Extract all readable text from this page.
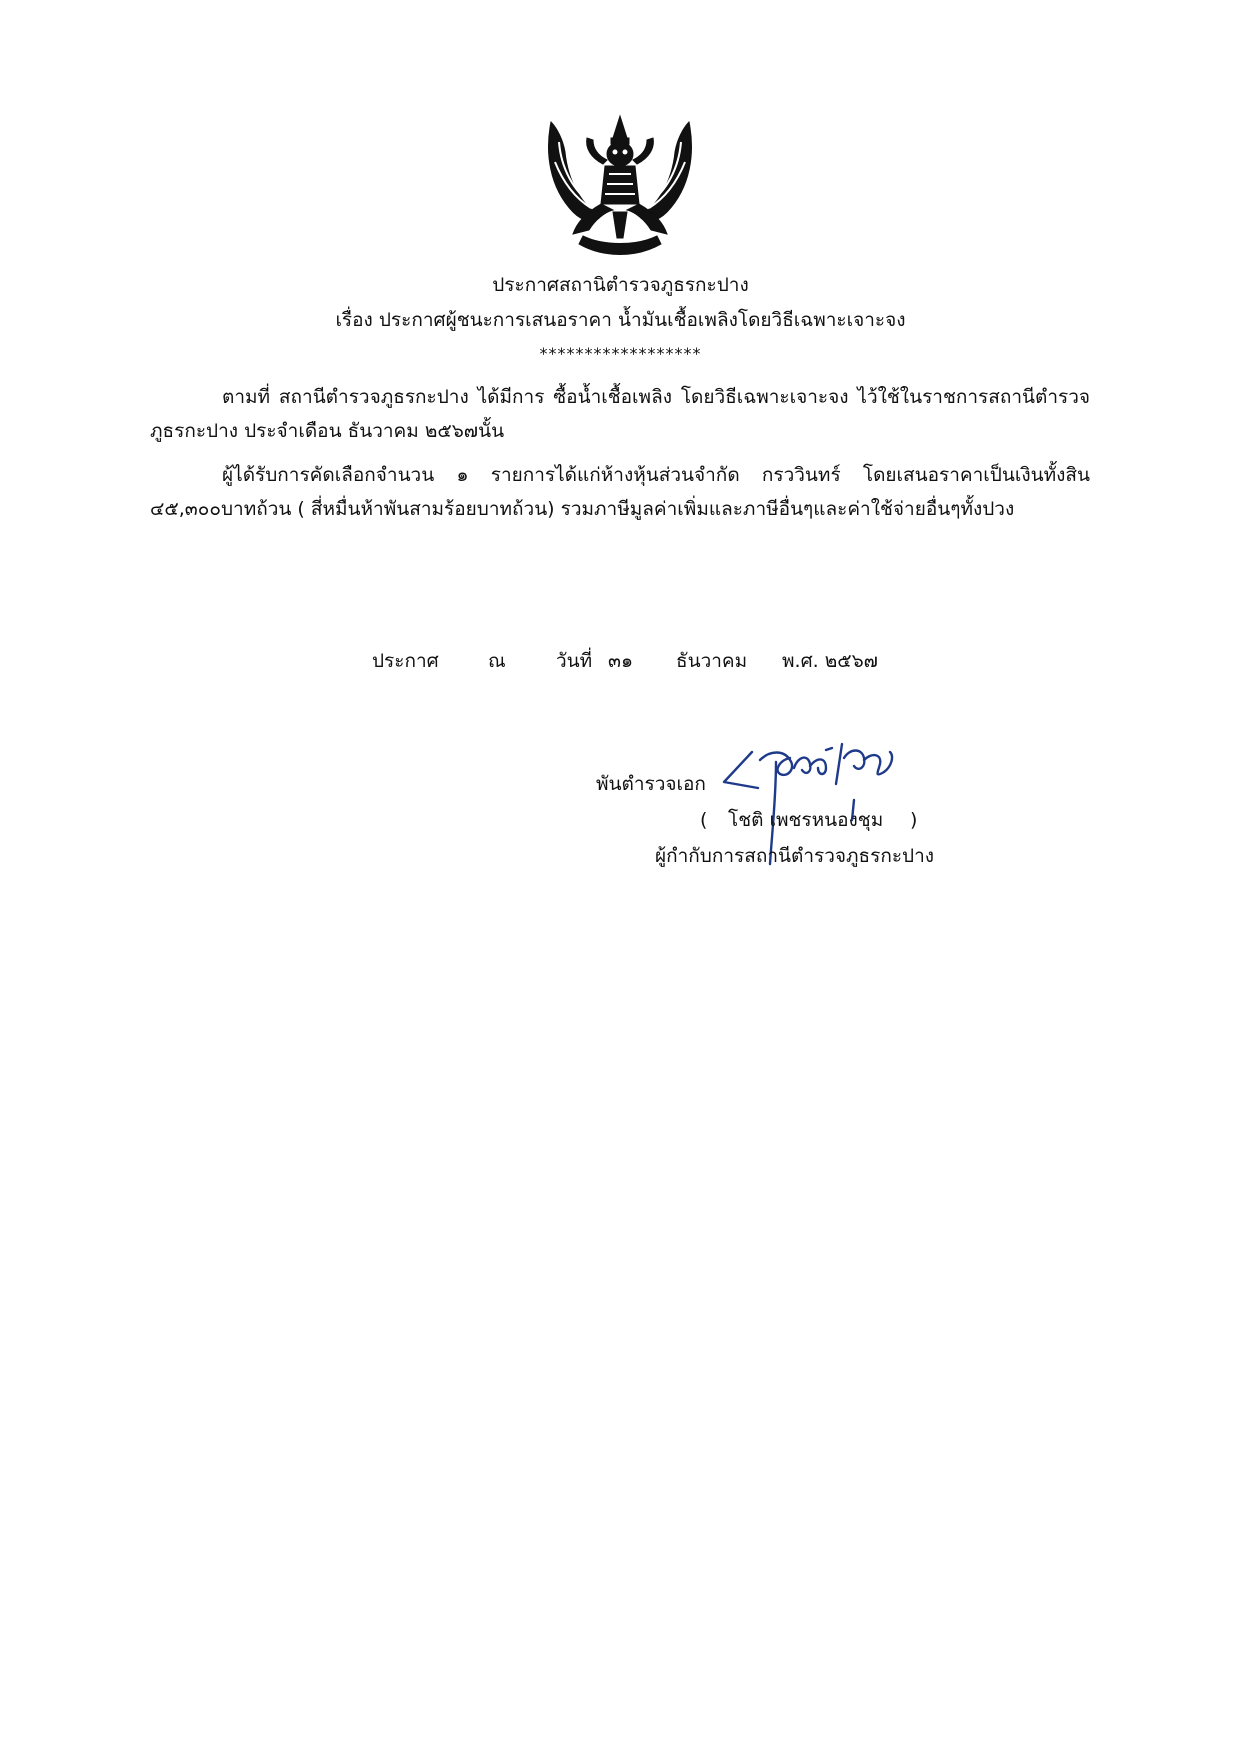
ประกาศสถานิตำรวจภูธรกะปาง
เรื่อง ประกาศผู้ชนะการเสนอราคา น้ำมันเชื้อเพลิงโดยวิธีเฉพาะเจาะจง
******************
ตามที่ สถานีตำรวจภูธรกะปาง ได้มีการ ซื้อน้ำเชื้อเพลิง โดยวิธีเฉพาะเจาะจง ไว้ใช้ในราชการสถานีตำรวจภูธรกะปาง ประจำเดือน ธันวาคม ๒๕๖๗นั้น
ผู้ได้รับการคัดเลือกจำนวน ๑ รายการได้แก่ห้างหุ้นส่วนจำกัด กรววินทร์ โดยเสนอราคาเป็นเงินทั้งสิน ๔๕,๓๐๐บาทถ้วน ( สี่หมื่นห้าพันสามร้อยบาทถ้วน) รวมภาษีมูลค่าเพิ่มและภาษีอื่นๆและค่าใช้จ่ายอื่นๆทั้งปวง
ประกาศ	ณ	วันที่ ๓๑ ธันวาคม พ.ศ. ๒๕๖๗
พันตำรวจเอก
( โชติ เพชรหนองชุม )
ผู้กำกับการสถานีตำรวจภูธรกะปาง
